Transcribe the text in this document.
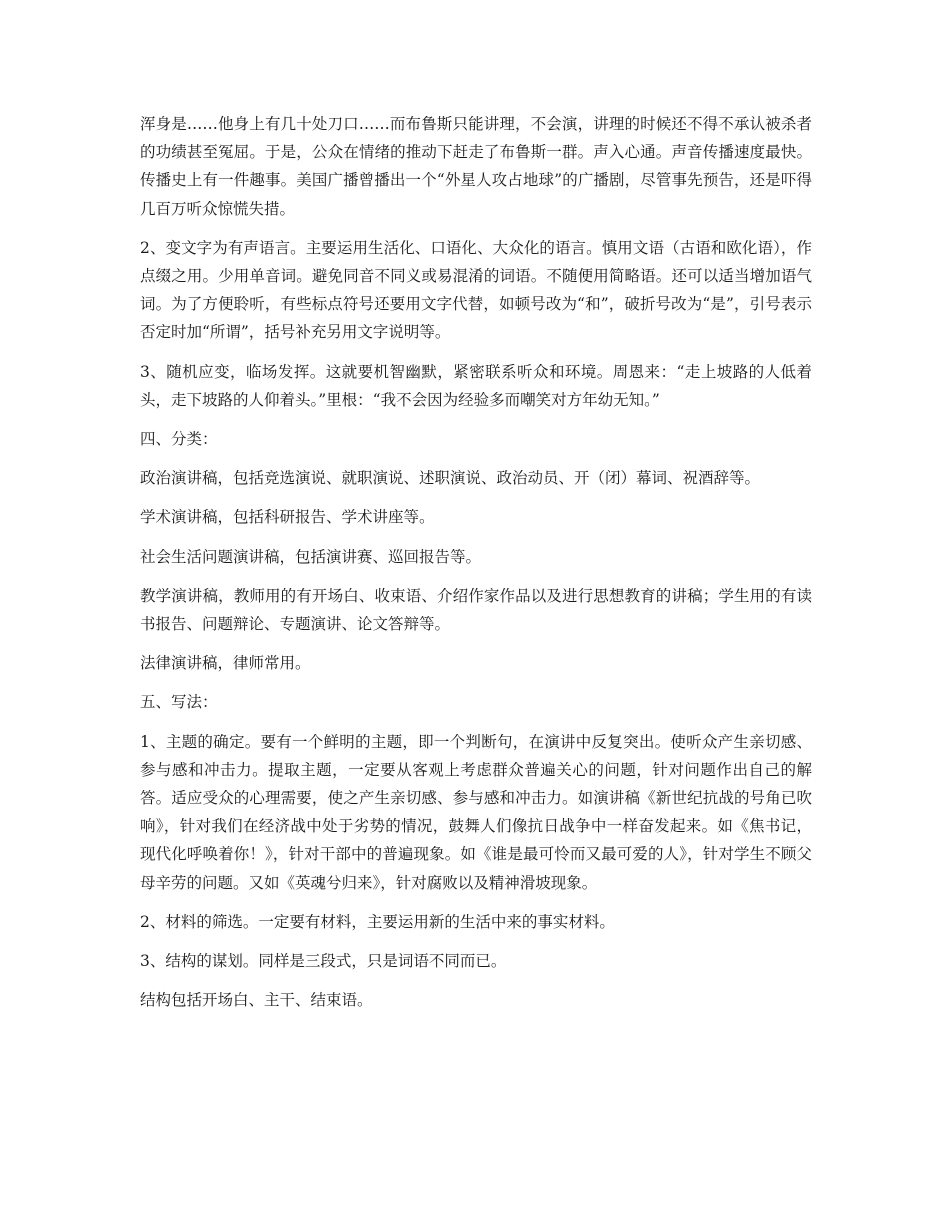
浑身是……他身上有几十处刀口……而布鲁斯只能讲理，不会演，讲理的时候还不得不承认被杀者的功绩甚至冤屈。于是，公众在情绪的推动下赶走了布鲁斯一群。声入心通。声音传播速度最快。传播史上有一件趣事。美国广播曾播出一个“外星人攻占地球”的广播剧，尽管事先预告，还是吓得几百万听众惊慌失措。

2、变文字为有声语言。主要运用生活化、口语化、大众化的语言。慎用文语（古语和欧化语），作点缀之用。少用单音词。避免同音不同义或易混淆的词语。不随便用简略语。还可以适当增加语气词。为了方便聆听，有些标点符号还要用文字代替，如顿号改为“和”，破折号改为“是”，引号表示否定时加“所谓”，括号补充另用文字说明等。

3、随机应变，临场发挥。这就要机智幽默，紧密联系听众和环境。周恩来：“走上坡路的人低着头，走下坡路的人仰着头。”里根：“我不会因为经验多而嘲笑对方年幼无知。”

四、分类：

政治演讲稿，包括竞选演说、就职演说、述职演说、政治动员、开（闭）幕词、祝酒辞等。

学术演讲稿，包括科研报告、学术讲座等。

社会生活问题演讲稿，包括演讲赛、巡回报告等。

教学演讲稿，教师用的有开场白、收束语、介绍作家作品以及进行思想教育的讲稿；学生用的有读书报告、问题辩论、专题演讲、论文答辩等。

法律演讲稿，律师常用。

五、写法：

1、主题的确定。要有一个鲜明的主题，即一个判断句，在演讲中反复突出。使听众产生亲切感、参与感和冲击力。提取主题，一定要从客观上考虑群众普遍关心的问题，针对问题作出自己的解答。适应受众的心理需要，使之产生亲切感、参与感和冲击力。如演讲稿《新世纪抗战的号角已吹响》，针对我们在经济战中处于劣势的情况，鼓舞人们像抗日战争中一样奋发起来。如《焦书记，现代化呼唤着你！》，针对干部中的普遍现象。如《谁是最可怜而又最可爱的人》，针对学生不顾父母辛劳的问题。又如《英魂兮归来》，针对腐败以及精神滑坡现象。

2、材料的筛选。一定要有材料，主要运用新的生活中来的事实材料。

3、结构的谋划。同样是三段式，只是词语不同而已。

结构包括开场白、主干、结束语。
